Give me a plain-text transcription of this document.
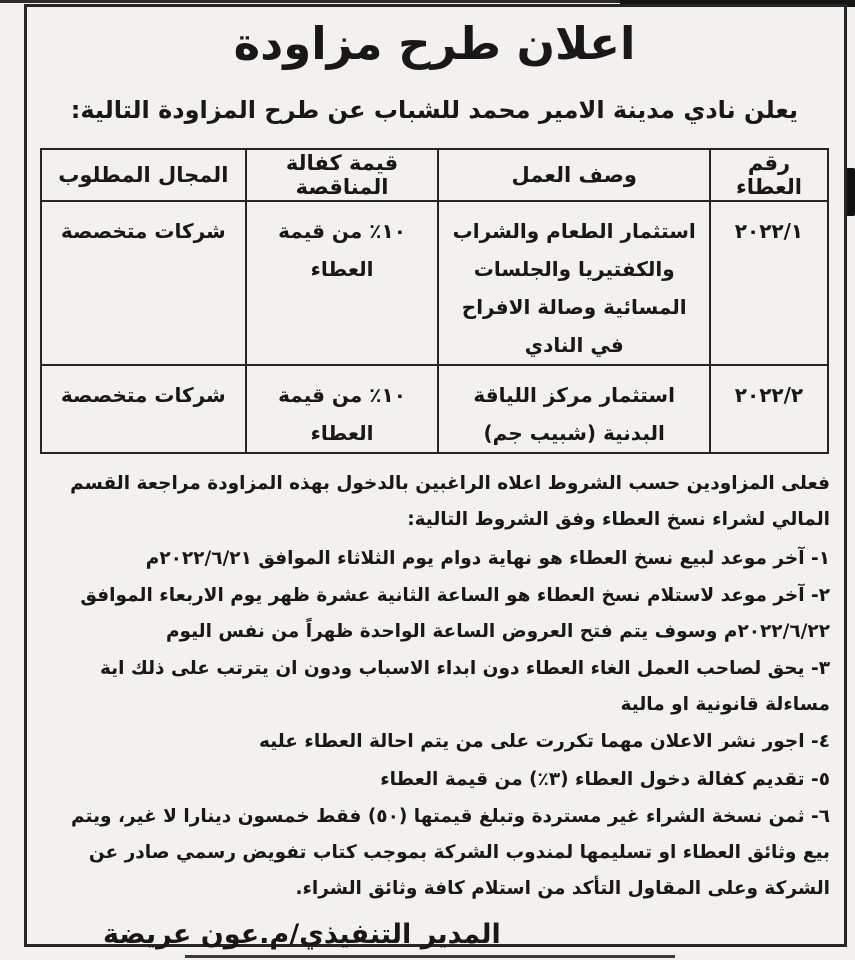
اعلان طرح مزاودة
يعلن نادي مدينة الامير محمد للشباب عن طرح المزاودة التالية:
رقم العطاء	وصف العمل	قيمة كفالة المناقصة	المجال المطلوب
٢٠٢٢/١	استثمار الطعام والشراب والكفتيريا والجلسات المسائية وصالة الافراح في النادي	١٠٪ من قيمة العطاء	شركات متخصصة
٢٠٢٢/٢	استثمار مركز اللياقة البدنية (شبيب جم)	١٠٪ من قيمة العطاء	شركات متخصصة

فعلى المزاودين حسب الشروط اعلاه الراغبين بالدخول بهذه المزاودة مراجعة القسم المالي لشراء نسخ العطاء وفق الشروط التالية:

١- آخر موعد لبيع نسخ العطاء هو نهاية دوام يوم الثلاثاء الموافق ٢٠٢٢/٦/٢١م

٢- آخر موعد لاستلام نسخ العطاء هو الساعة الثانية عشرة ظهر يوم الاربعاء الموافق ٢٠٢٢/٦/٢٢م وسوف يتم فتح العروض الساعة الواحدة ظهراً من نفس اليوم

٣- يحق لصاحب العمل الغاء العطاء دون ابداء الاسباب ودون ان يترتب على ذلك اية مساءلة قانونية او مالية

٤- اجور نشر الاعلان مهما تكررت على من يتم احالة العطاء عليه

٥- تقديم كفالة دخول العطاء (٣٪) من قيمة العطاء

٦- ثمن نسخة الشراء غير مستردة وتبلغ قيمتها (٥٠) فقط خمسون دينارا لا غير، ويتم بيع وثائق العطاء او تسليمها لمندوب الشركة بموجب كتاب تفويض رسمي صادر عن الشركة وعلى المقاول التأكد من استلام كافة وثائق الشراء.

المدير التنفيذي/م.عون عريضة
